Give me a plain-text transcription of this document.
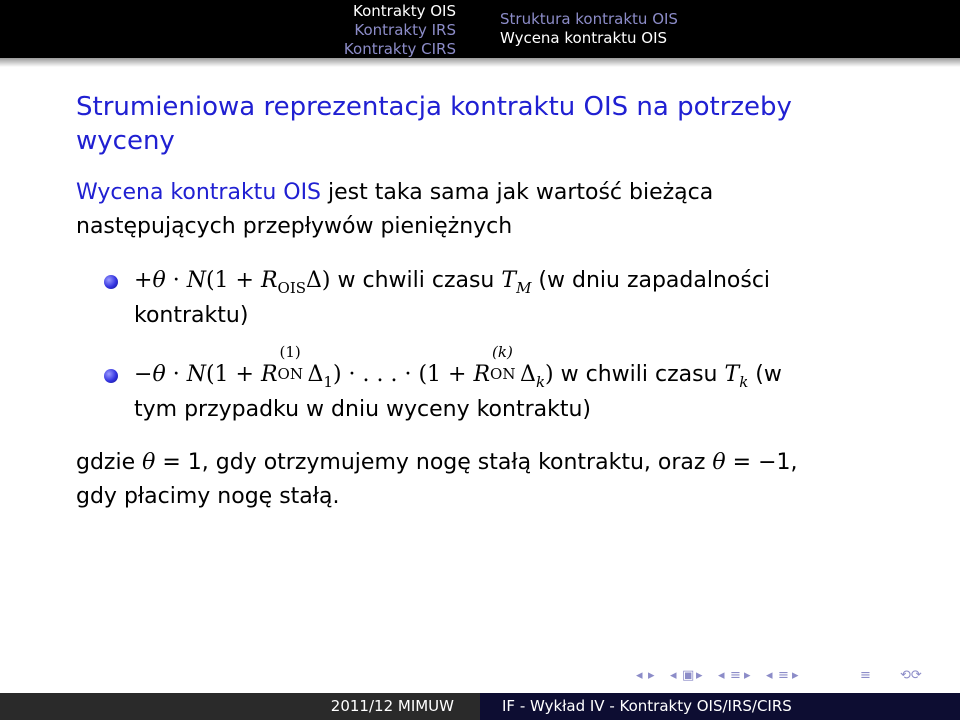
Kontrakty OIS
Kontrakty IRS
Kontrakty CIRS
Struktura kontraktu OIS
Wycena kontraktu OIS
Strumieniowa reprezentacja kontraktu OIS na potrzeby
wyceny
Wycena kontraktu OIS jest taka sama jak wartość bieżąca
następujących przepływów pieniężnych
$+\theta \cdot N(1 + R_{OIS}\Delta)$ w chwili czasu $T_M$ (w dniu zapadalności
kontraktu)
−θ · N(1 + R
(1)
ON $\Delta_1$) · . . . · (1 + R
(k)
ON $\Delta_k$) w chwili czasu $T_k$ (w
tym przypadku w dniu wyceny kontraktu)
gdzie θ = 1, gdy otrzymujemy nogę stałą kontraktu, oraz θ = −1,
gdy płacimy nogę stałą.
◂ ▸ ◂ ▣ ▸ ◂ ≡ ▸ ◂ ≡ ▸	≡ ⟲⟳
2011/12 MIMUW	IF - Wykład IV - Kontrakty OIS/IRS/CIRS
